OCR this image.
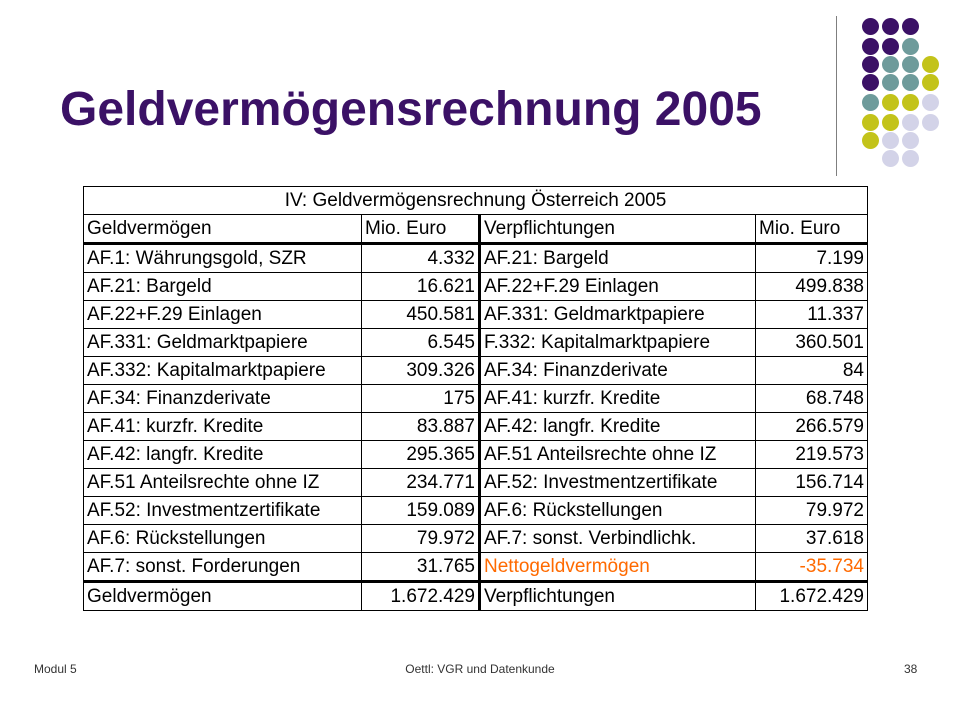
Geldvermögensrechnung 2005
IV: Geldvermögensrechnung Österreich 2005			
Geldvermögen	Mio. Euro	Verpflichtungen	Mio. Euro
AF.1: Währungsgold, SZR	4.332	AF.21: Bargeld	7.199
AF.21: Bargeld	16.621	AF.22+F.29 Einlagen	499.838
AF.22+F.29 Einlagen	450.581	AF.331: Geldmarktpapiere	11.337
AF.331: Geldmarktpapiere	6.545	F.332: Kapitalmarktpapiere	360.501
AF.332: Kapitalmarktpapiere	309.326	AF.34: Finanzderivate	84
AF.34: Finanzderivate	175	AF.41: kurzfr. Kredite	68.748
AF.41: kurzfr. Kredite	83.887	AF.42: langfr. Kredite	266.579
AF.42: langfr. Kredite	295.365	AF.51 Anteilsrechte ohne IZ	219.573
AF.51 Anteilsrechte ohne IZ	234.771	AF.52: Investmentzertifikate	156.714
AF.52: Investmentzertifikate	159.089	AF.6: Rückstellungen	79.972
AF.6: Rückstellungen	79.972	AF.7: sonst. Verbindlichk.	37.618
AF.7: sonst. Forderungen	31.765	Nettogeldvermögen	-35.734
Geldvermögen	1.672.429	Verpflichtungen	1.672.429
Modul 5	Oettl: VGR und Datenkunde	38
